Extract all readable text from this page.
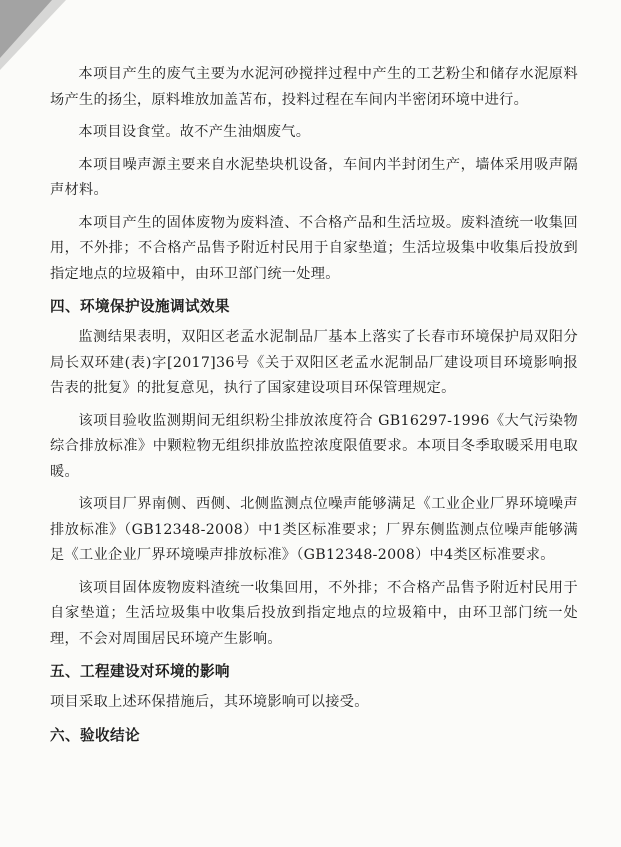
本项目产生的废气主要为水泥河砂搅拌过程中产生的工艺粉尘和储存水泥原料场产生的扬尘，原料堆放加盖苫布，投料过程在车间内半密闭环境中进行。

本项目设食堂。故不产生油烟废气。

本项目噪声源主要来自水泥垫块机设备，车间内半封闭生产，墙体采用吸声隔声材料。

本项目产生的固体废物为废料渣、不合格产品和生活垃圾。废料渣统一收集回用，不外排；不合格产品售予附近村民用于自家垫道；生活垃圾集中收集后投放到指定地点的垃圾箱中，由环卫部门统一处理。

四、环境保护设施调试效果

监测结果表明，双阳区老孟水泥制品厂基本上落实了长春市环境保护局双阳分局长双环建(表)字[2017]36号《关于双阳区老孟水泥制品厂建设项目环境影响报告表的批复》的批复意见，执行了国家建设项目环保管理规定。

该项目验收监测期间无组织粉尘排放浓度符合 GB16297-1996《大气污染物综合排放标准》中颗粒物无组织排放监控浓度限值要求。本项目冬季取暖采用电取暖。

该项目厂界南侧、西侧、北侧监测点位噪声能够满足《工业企业厂界环境噪声排放标准》（GB12348-2008）中1类区标准要求；厂界东侧监测点位噪声能够满足《工业企业厂界环境噪声排放标准》（GB12348-2008）中4类区标准要求。

该项目固体废物废料渣统一收集回用，不外排；不合格产品售予附近村民用于自家垫道；生活垃圾集中收集后投放到指定地点的垃圾箱中，由环卫部门统一处理，不会对周围居民环境产生影响。

五、工程建设对环境的影响

项目采取上述环保措施后，其环境影响可以接受。

六、验收结论
